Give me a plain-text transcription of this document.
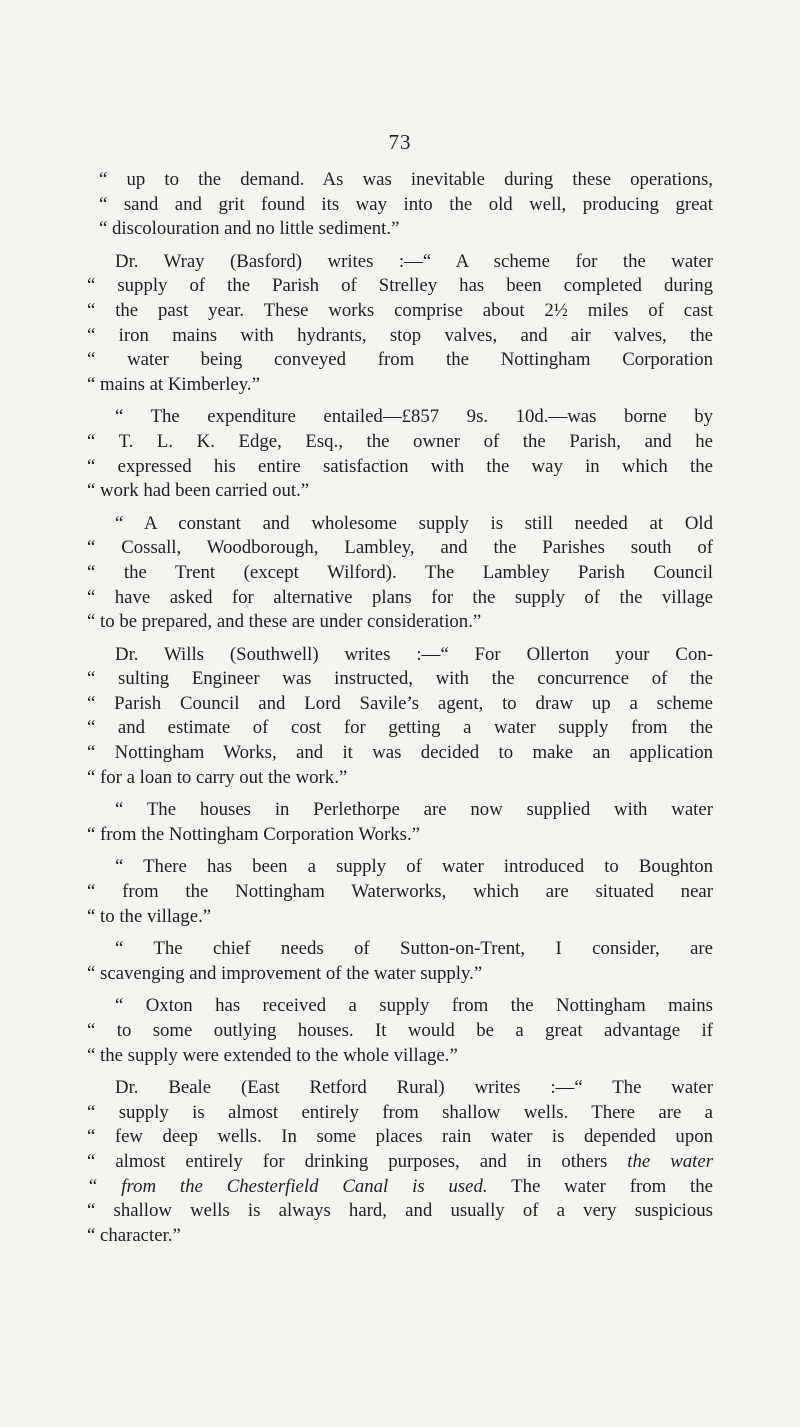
73
“ up to the demand. As was inevitable during these operations,
“ sand and grit found its way into the old well, producing great
“ discolouration and no little sediment.”
Dr. Wray (Basford) writes :—“ A scheme for the water
“ supply of the Parish of Strelley has been completed during
“ the past year. These works comprise about 2½ miles of cast
“ iron mains with hydrants, stop valves, and air valves, the
“ water being conveyed from the Nottingham Corporation
“ mains at Kimberley.”
“ The expenditure entailed—£857 9s. 10d.—was borne by
“ T. L. K. Edge, Esq., the owner of the Parish, and he
“ expressed his entire satisfaction with the way in which the
“ work had been carried out.”
“ A constant and wholesome supply is still needed at Old
“ Cossall, Woodborough, Lambley, and the Parishes south of
“ the Trent (except Wilford). The Lambley Parish Council
“ have asked for alternative plans for the supply of the village
“ to be prepared, and these are under consideration.”
Dr. Wills (Southwell) writes :—“ For Ollerton your Con-
“ sulting Engineer was instructed, with the concurrence of the
“ Parish Council and Lord Savile’s agent, to draw up a scheme
“ and estimate of cost for getting a water supply from the
“ Nottingham Works, and it was decided to make an application
“ for a loan to carry out the work.”
“ The houses in Perlethorpe are now supplied with water
“ from the Nottingham Corporation Works.”
“ There has been a supply of water introduced to Boughton
“ from the Nottingham Waterworks, which are situated near
“ to the village.”
“ The chief needs of Sutton-on-Trent, I consider, are
“ scavenging and improvement of the water supply.”
“ Oxton has received a supply from the Nottingham mains
“ to some outlying houses. It would be a great advantage if
“ the supply were extended to the whole village.”
Dr. Beale (East Retford Rural) writes :—“ The water
“ supply is almost entirely from shallow wells. There are a
“ few deep wells. In some places rain water is depended upon
“ almost entirely for drinking purposes, and in others the water
“ from the Chesterfield Canal is used. The water from the
“ shallow wells is always hard, and usually of a very suspicious
“ character.”
